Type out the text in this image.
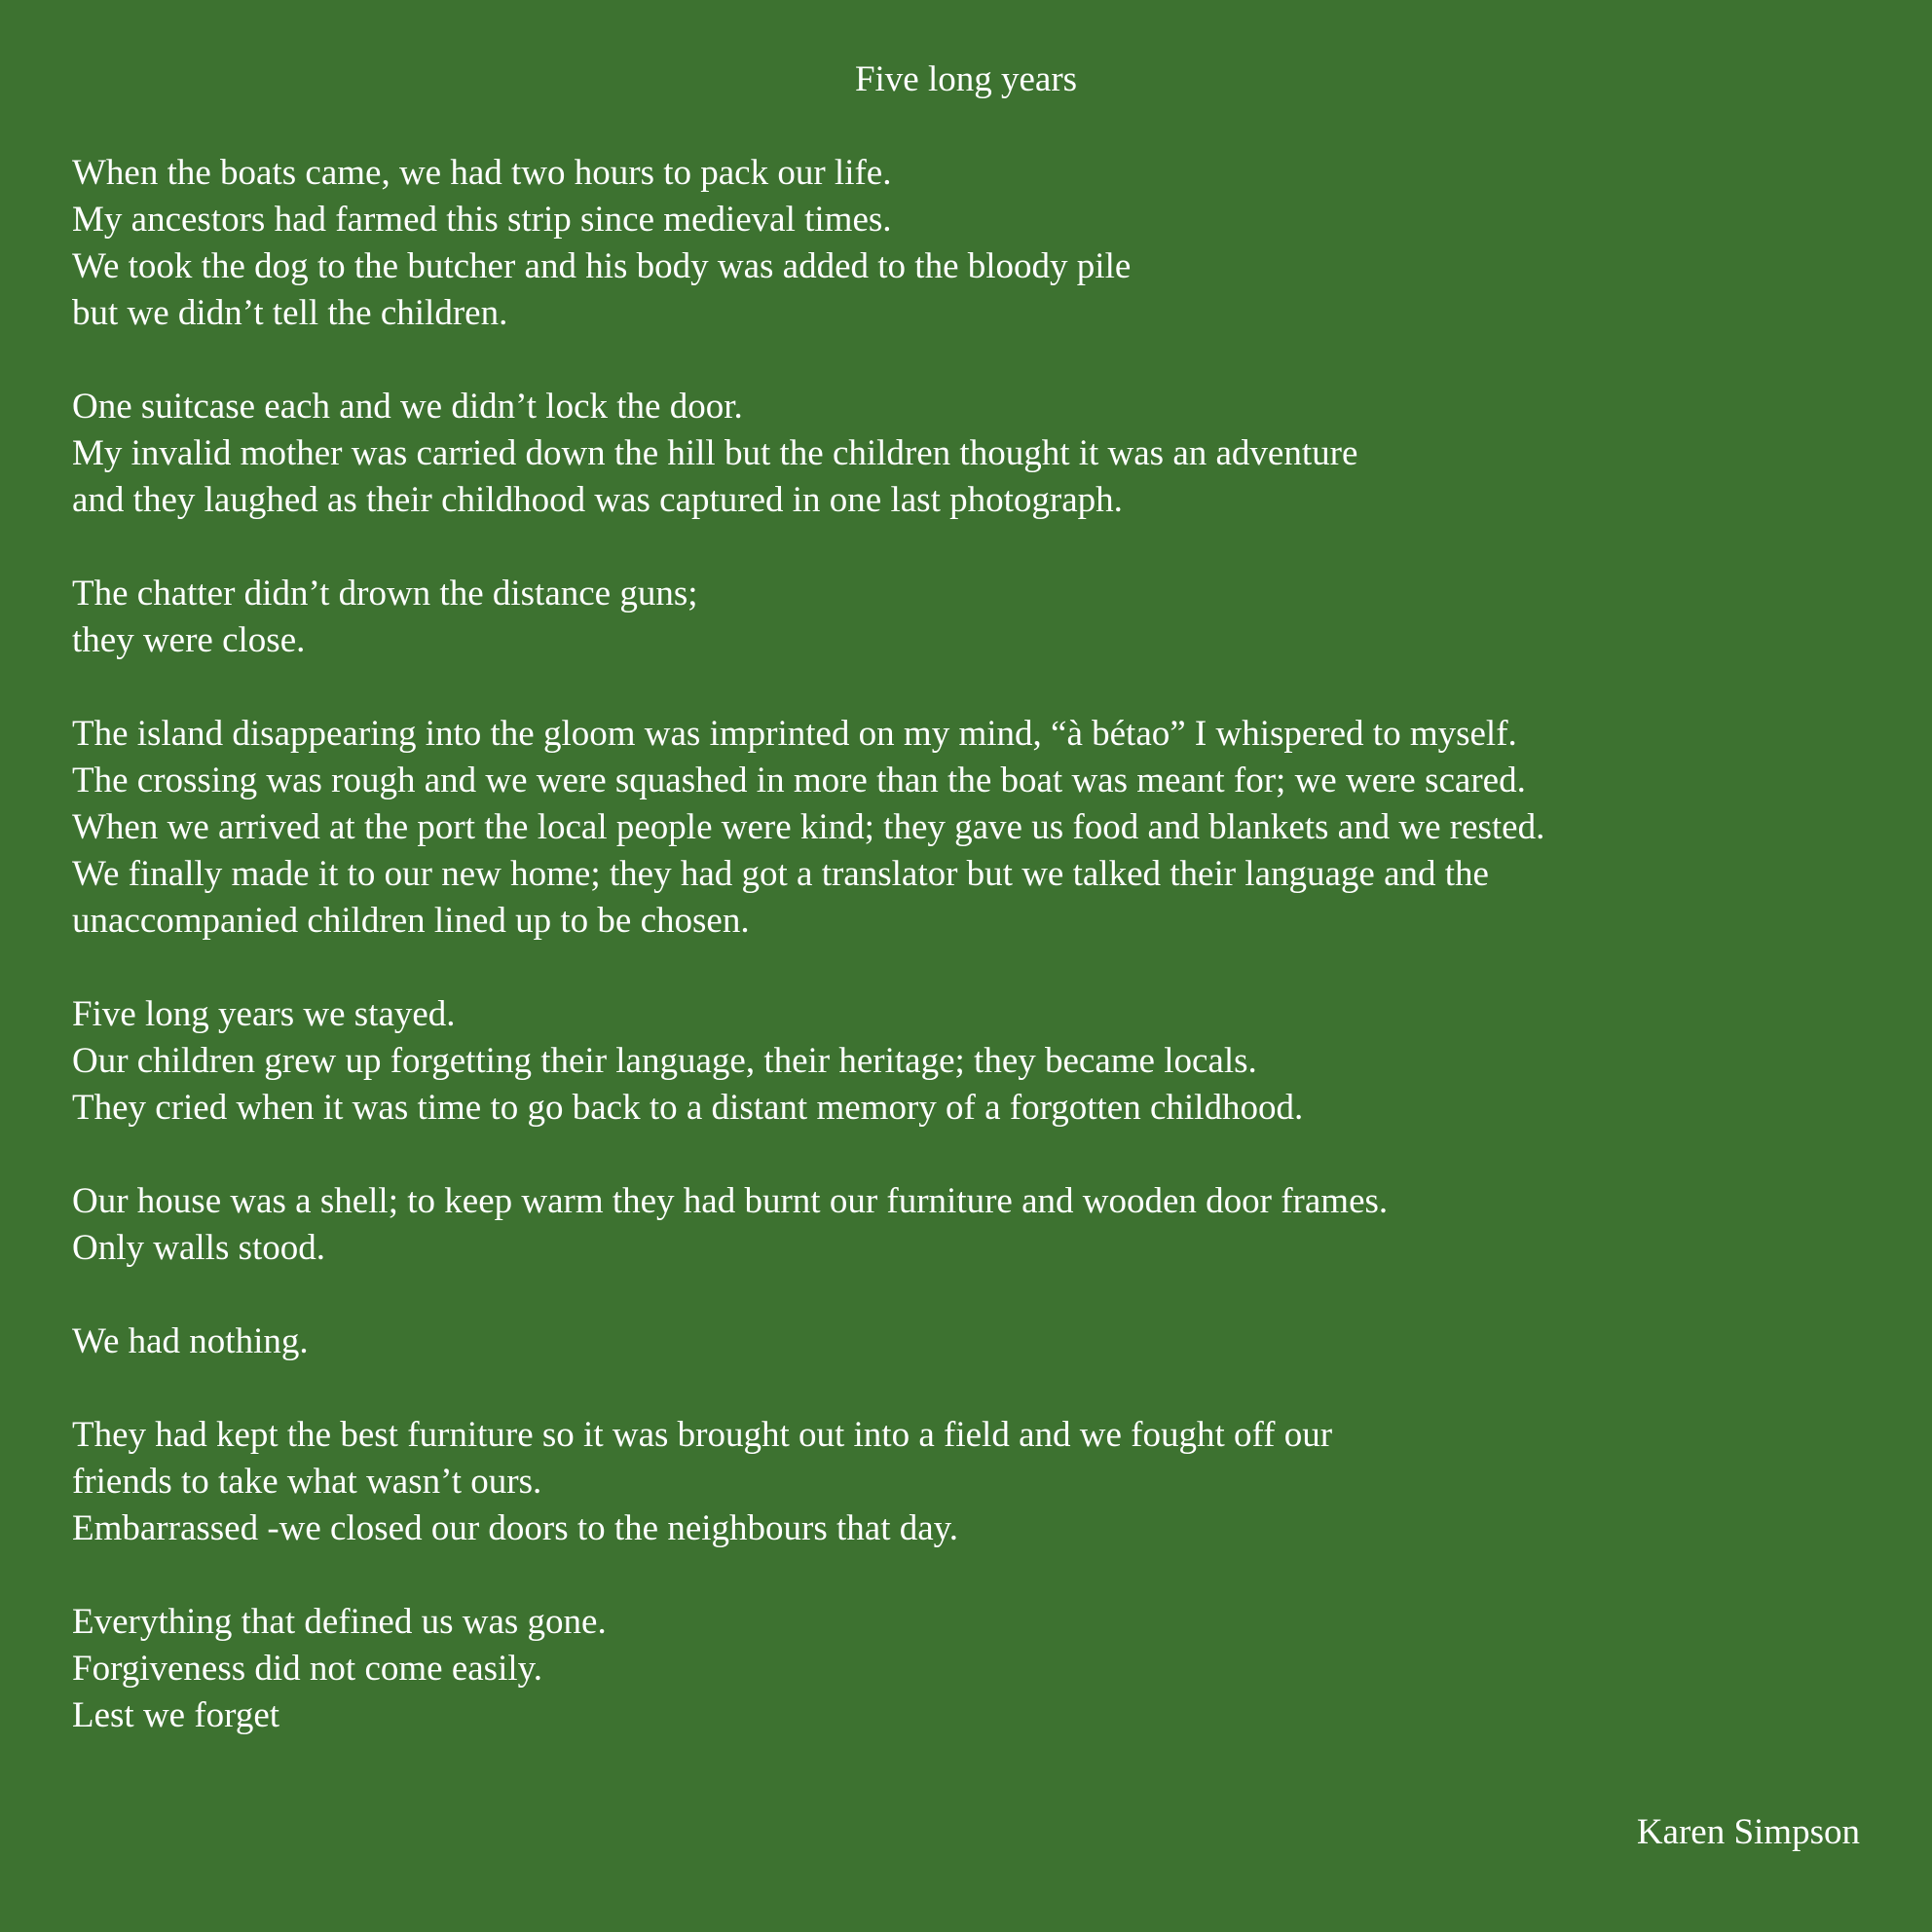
Five long years
When the boats came, we had two hours to pack our life.
My ancestors had farmed this strip since medieval times.
We took the dog to the butcher and his body was added to the bloody pile
but we didn’t tell the children.
One suitcase each and we didn’t lock the door.
My invalid mother was carried down the hill but the children thought it was an adventure
and they laughed as their childhood was captured in one last photograph.
The chatter didn’t drown the distance guns;
they were close.
The island disappearing into the gloom was imprinted on my mind, “à bétao” I whispered to myself.
The crossing was rough and we were squashed in more than the boat was meant for; we were scared.
When we arrived at the port the local people were kind; they gave us food and blankets and we rested.
We finally made it to our new home; they had got a translator but we talked their language and the
unaccompanied children lined up to be chosen.
Five long years we stayed.
Our children grew up forgetting their language, their heritage; they became locals.
They cried when it was time to go back to a distant memory of a forgotten childhood.
Our house was a shell; to keep warm they had burnt our furniture and wooden door frames.
Only walls stood.
We had nothing.
They had kept the best furniture so it was brought out into a field and we fought off our
friends to take what wasn’t ours.
Embarrassed -we closed our doors to the neighbours that day.
Everything that defined us was gone.
Forgiveness did not come easily.
Lest we forget

Karen Simpson
